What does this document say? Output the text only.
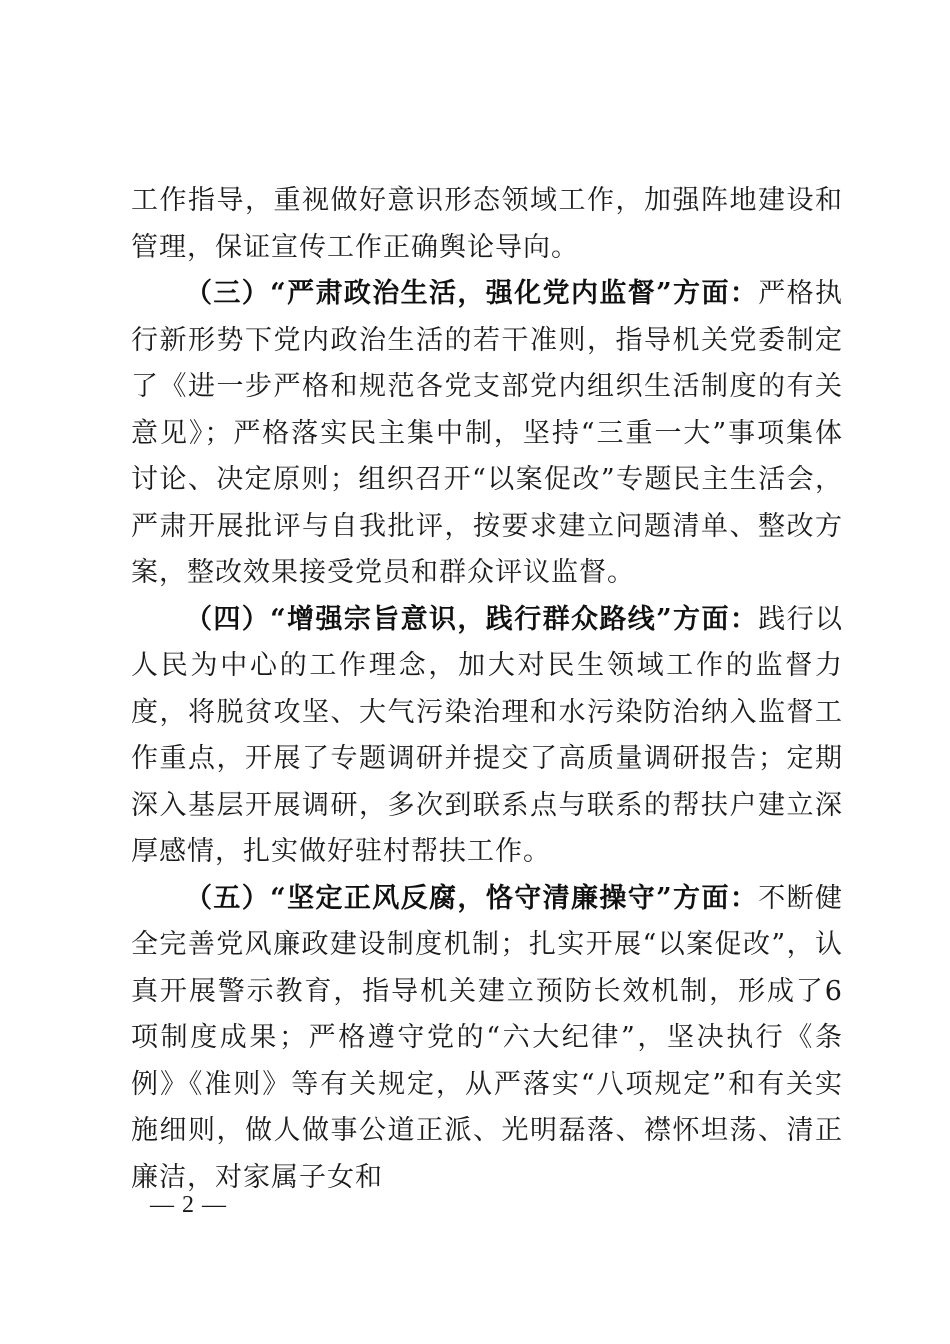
工作指导，重视做好意识形态领域工作，加强阵地建设和管理，保证宣传工作正确舆论导向。

（三）“严肃政治生活，强化党内监督”方面：严格执行新形势下党内政治生活的若干准则，指导机关党委制定了《进一步严格和规范各党支部党内组织生活制度的有关意见》；严格落实民主集中制，坚持“三重一大”事项集体讨论、决定原则；组织召开“以案促改”专题民主生活会，严肃开展批评与自我批评，按要求建立问题清单、整改方案，整改效果接受党员和群众评议监督。

（四）“增强宗旨意识，践行群众路线”方面：践行以人民为中心的工作理念，加大对民生领域工作的监督力度，将脱贫攻坚、大气污染治理和水污染防治纳入监督工作重点，开展了专题调研并提交了高质量调研报告；定期深入基层开展调研，多次到联系点与联系的帮扶户建立深厚感情，扎实做好驻村帮扶工作。

（五）“坚定正风反腐，恪守清廉操守”方面：不断健全完善党风廉政建设制度机制；扎实开展“以案促改”，认真开展警示教育，指导机关建立预防长效机制，形成了6项制度成果；严格遵守党的“六大纪律”，坚决执行《条例》《准则》等有关规定，从严落实“八项规定”和有关实施细则，做人做事公道正派、光明磊落、襟怀坦荡、清正廉洁，对家属子女和

— 2 —
